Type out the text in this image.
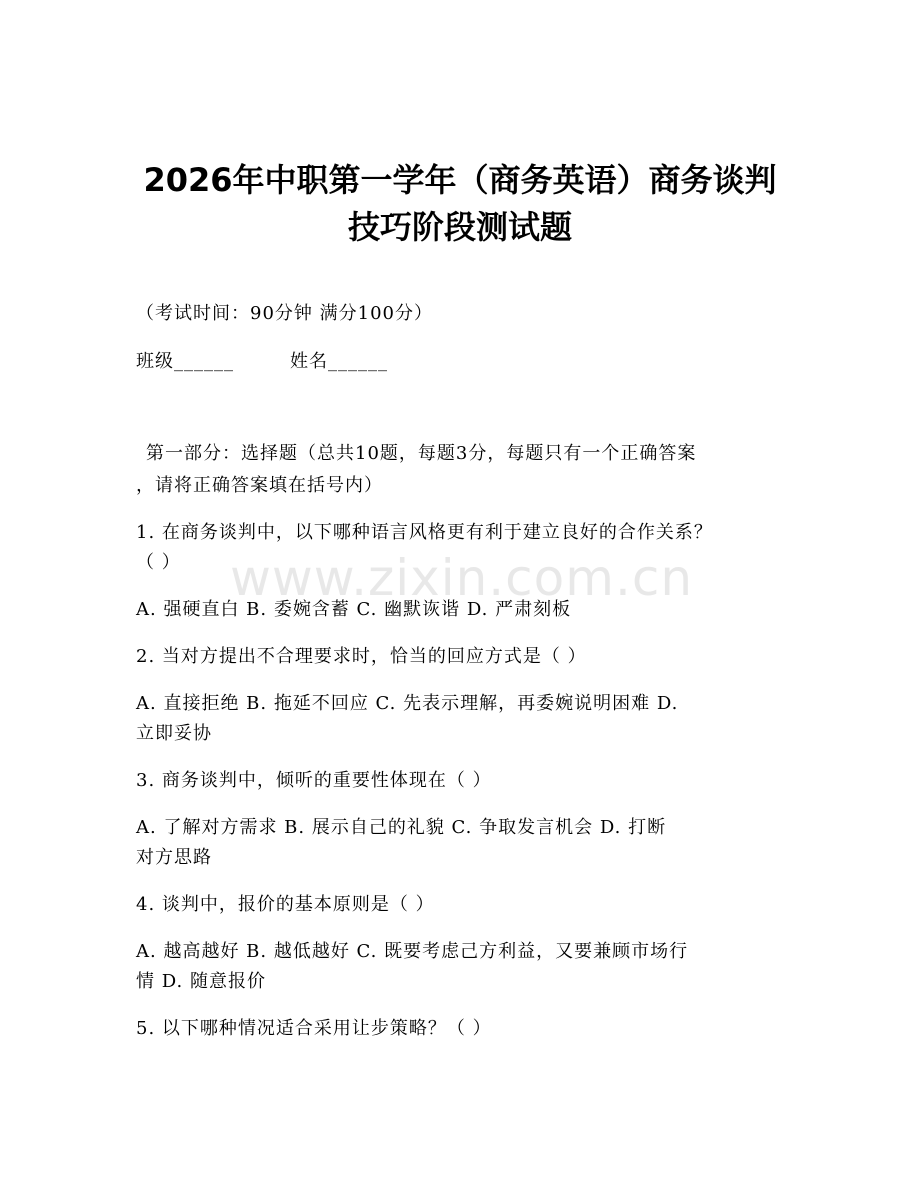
2026年中职第一学年（商务英语）商务谈判
技巧阶段测试题
（考试时间：90分钟 满分100分）
班级______	姓名______
第一部分：选择题（总共10题，每题3分，每题只有一个正确答案
，请将正确答案填在括号内）
1. 在商务谈判中，以下哪种语言风格更有利于建立良好的合作关系？
（ ）
A. 强硬直白 B. 委婉含蓄 C. 幽默诙谐 D. 严肃刻板
2. 当对方提出不合理要求时，恰当的回应方式是（ ）
A. 直接拒绝 B. 拖延不回应 C. 先表示理解，再委婉说明困难 D.
立即妥协
3. 商务谈判中，倾听的重要性体现在（ ）
A. 了解对方需求 B. 展示自己的礼貌 C. 争取发言机会 D. 打断
对方思路
4. 谈判中，报价的基本原则是（ ）
A. 越高越好 B. 越低越好 C. 既要考虑己方利益，又要兼顾市场行
情 D. 随意报价
5. 以下哪种情况适合采用让步策略？（ ）
www.zixin.com.cn
